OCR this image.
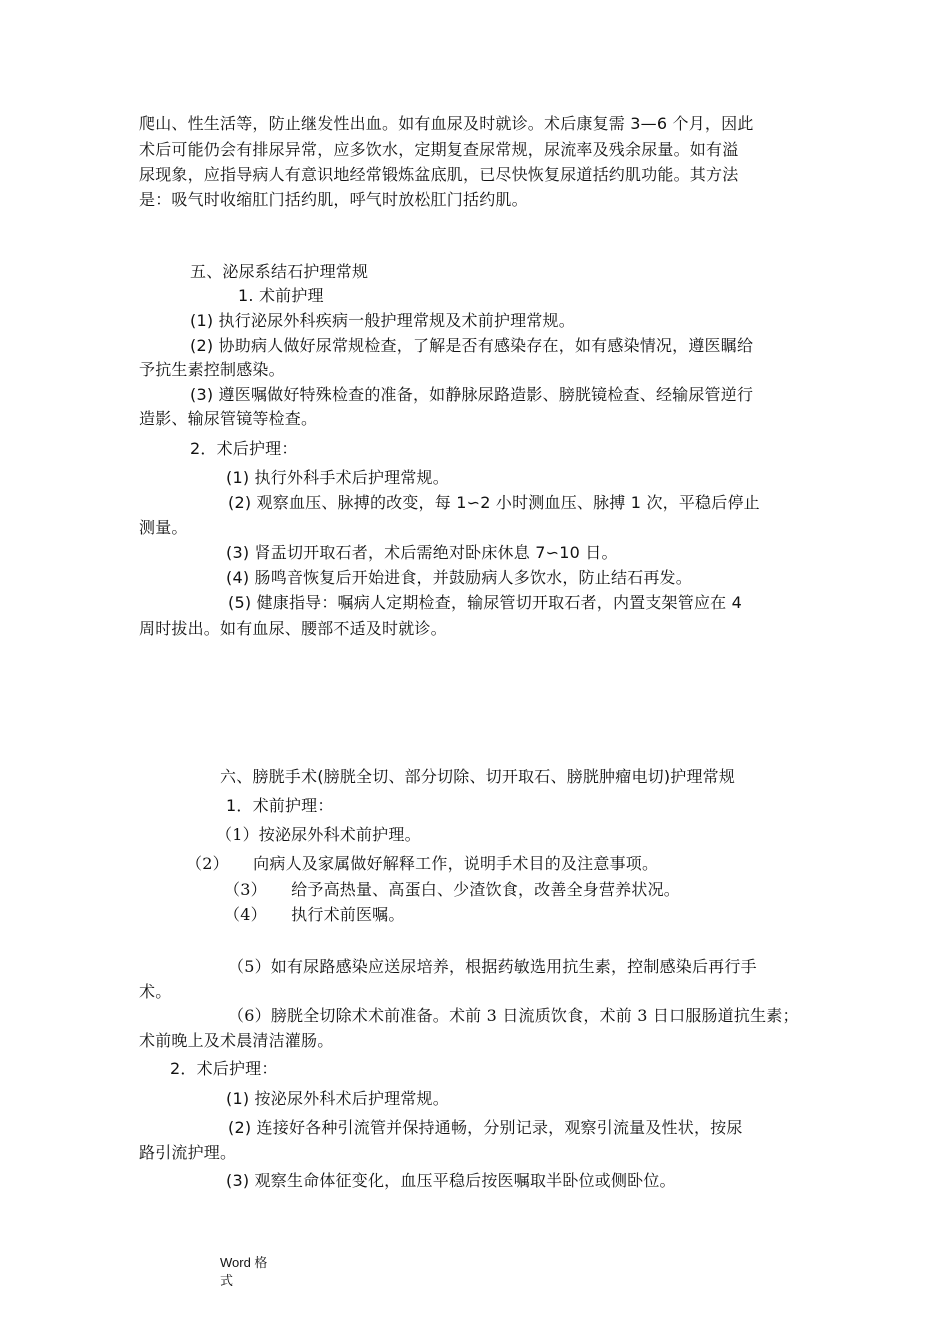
爬山、性生活等，防止继发性出血。如有血尿及时就诊。术后康复需 3—6 个月，因此
术后可能仍会有排尿异常，应多饮水，定期复查尿常规，尿流率及残余尿量。如有溢
尿现象，应指导病人有意识地经常锻炼盆底肌，已尽快恢复尿道括约肌功能。其方法
是：吸气时收缩肛门括约肌，呼气时放松肛门括约肌。
五、泌尿系结石护理常规
1. 术前护理
(1) 执行泌尿外科疾病一般护理常规及术前护理常规。
(2) 协助病人做好尿常规检查，了解是否有感染存在，如有感染情况，遵医瞩给
予抗生素控制感染。
(3) 遵医嘱做好特殊检查的准备，如静脉尿路造影、膀胱镜检查、经输尿管逆行
造影、输尿管镜等检查。
2．术后护理：
(1) 执行外科手术后护理常规。
(2) 观察血压、脉搏的改变，每 1∽2 小时测血压、脉搏 1 次，平稳后停止
测量。
(3) 肾盂切开取石者，术后需绝对卧床休息 7∽10 日。
(4) 肠鸣音恢复后开始进食，并鼓励病人多饮水，防止结石再发。
(5) 健康指导：嘱病人定期检查，输尿管切开取石者，内置支架管应在 4
周时拔出。如有血尿、腰部不适及时就诊。
六、膀胱手术(膀胱全切、部分切除、切开取石、膀胱肿瘤电切)护理常规
1．术前护理：
（1）按泌尿外科术前护理。
（2）　　向病人及家属做好解释工作，说明手术目的及注意事项。
（3）　　给予高热量、高蛋白、少渣饮食，改善全身营养状况。
（4）　　执行术前医嘱。
（5）如有尿路感染应送尿培养，根据药敏选用抗生素，控制感染后再行手
术。
（6）膀胱全切除术术前准备。术前 3 日流质饮食，术前 3 日口服肠道抗生素；
术前晚上及术晨清洁灌肠。
2．术后护理：
(1) 按泌尿外科术后护理常规。
(2) 连接好各种引流管并保持通畅，分别记录，观察引流量及性状，按尿
路引流护理。
(3) 观察生命体征变化，血压平稳后按医嘱取半卧位或侧卧位。
Word 格式
